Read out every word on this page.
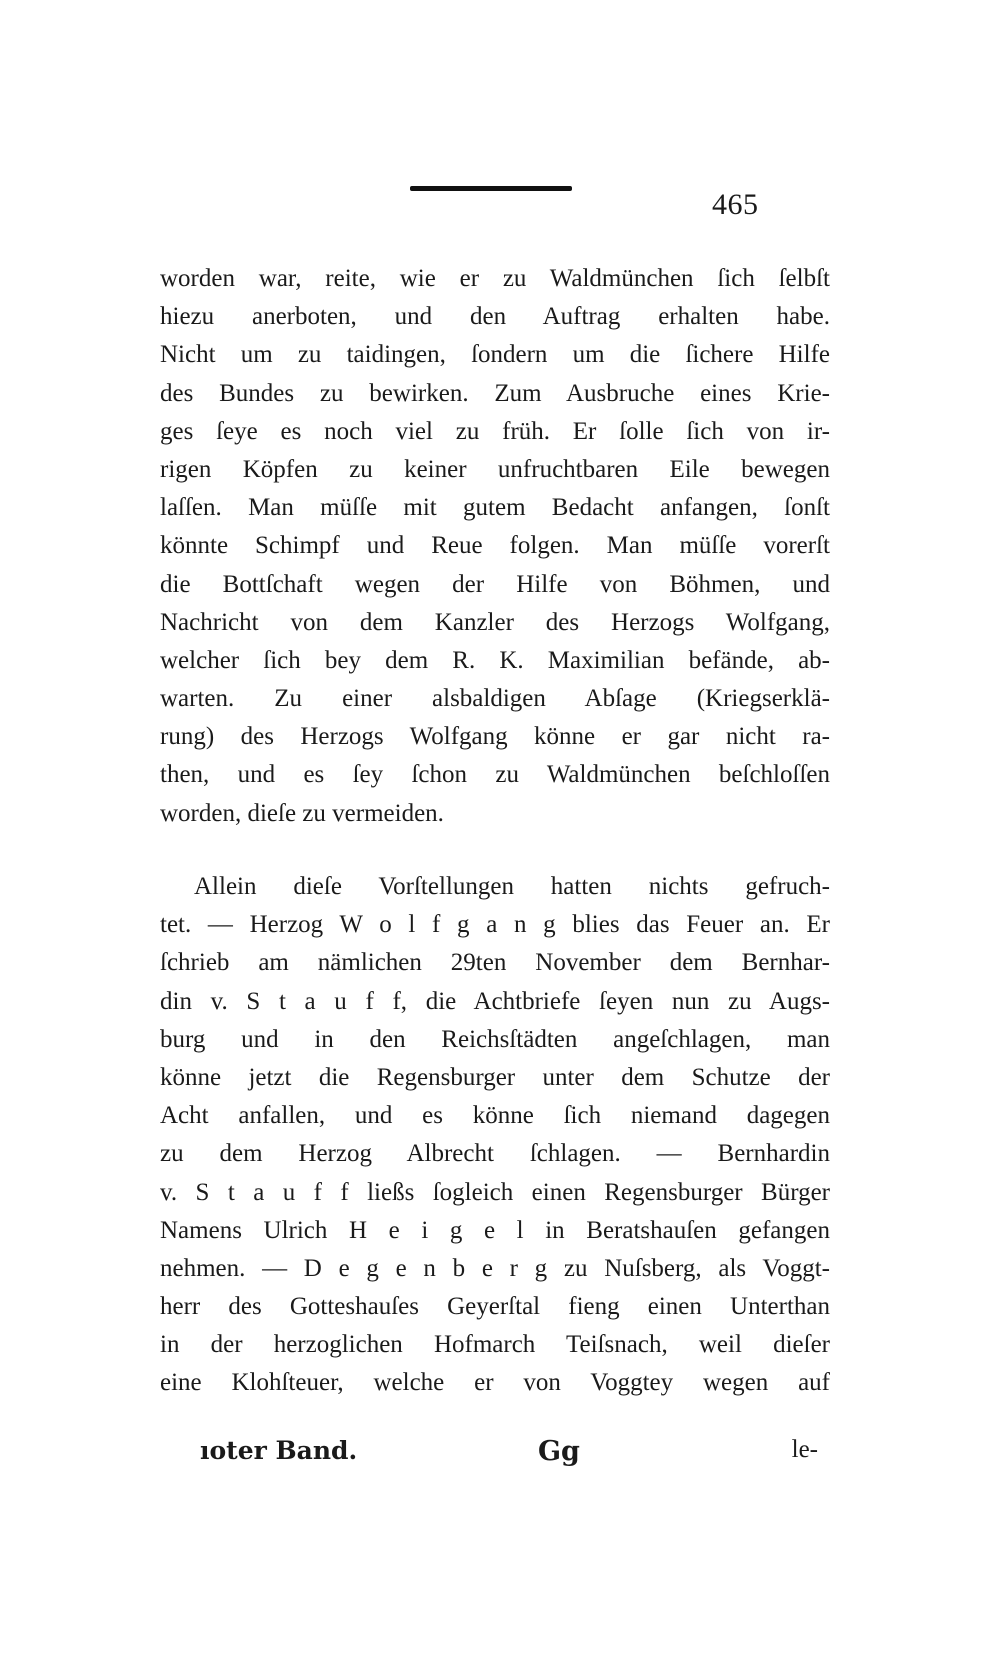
465
worden war, reite, wie er zu Waldmünchen ſich ſelbſt
hiezu anerboten, und den Auftrag erhalten habe.
Nicht um zu taidingen, ſondern um die ſichere Hilfe
des Bundes zu bewirken. Zum Ausbruche eines Krie-
ges ſeye es noch viel zu früh. Er ſolle ſich von ir-
rigen Köpfen zu keiner unfruchtbaren Eile bewegen
laſſen. Man müſſe mit gutem Bedacht anfangen, ſonſt
könnte Schimpf und Reue folgen. Man müſſe vorerſt
die Bottſchaft wegen der Hilfe von Böhmen, und
Nachricht von dem Kanzler des Herzogs Wolfgang,
welcher ſich bey dem R. K. Maximilian befände, ab-
warten. Zu einer alsbaldigen Abſage (Kriegserklä-
rung) des Herzogs Wolfgang könne er gar nicht ra-
then, und es ſey ſchon zu Waldmünchen beſchloſſen
worden, dieſe zu vermeiden.
Allein dieſe Vorſtellungen hatten nichts gefruch-
tet. — Herzog W o l f g a n g blies das Feuer an. Er
ſchrieb am nämlichen 29ten November dem Bernhar-
din v. S t a u f f, die Achtbriefe ſeyen nun zu Augs-
burg und in den Reichsſtädten angeſchlagen, man
könne jetzt die Regensburger unter dem Schutze der
Acht anfallen, und es könne ſich niemand dagegen
zu dem Herzog Albrecht ſchlagen. — Bernhardin
v. S t a u f f ließs ſogleich einen Regensburger Bürger
Namens Ulrich H e i g e l in Beratshauſen gefangen
nehmen. — D e g e n b e r g zu Nuſsberg, als Voggt-
herr des Gotteshauſes Geyerſtal fieng einen Unterthan
in der herzoglichen Hofmarch Teiſsnach, weil dieſer
eine Klohſteuer, welche er von Voggtey wegen auf
ıoter Band.	Gg	le-
